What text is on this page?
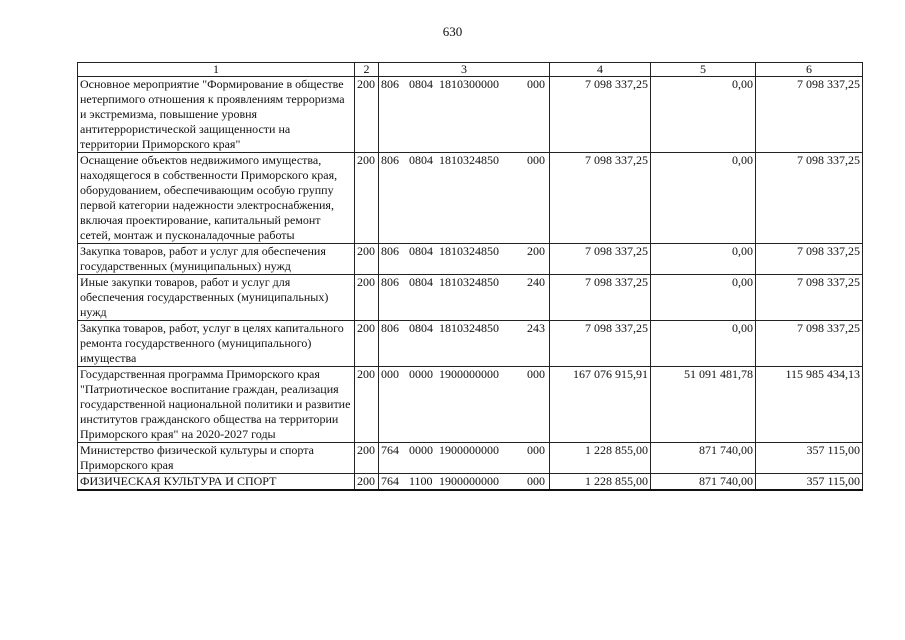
630
1	2	3	4	5	6
Основное мероприятие "Формирование в обществе нетерпимого отношения к проявлениям терроризма и экстремизма, повышение уровня антитеррористической защищенности на территории Приморского края"	200	806 0804 1810300000 000	7 098 337,25	0,00	7 098 337,25
Оснащение объектов недвижимого имущества, находящегося в собственности Приморского края, оборудованием, обеспечивающим особую группу первой категории надежности электроснабжения, включая проектирование, капитальный ремонт сетей, монтаж и пусконаладочные работы	200	806 0804 1810324850 000	7 098 337,25	0,00	7 098 337,25
Закупка товаров, работ и услуг для обеспечения государственных (муниципальных) нужд	200	806 0804 1810324850 200	7 098 337,25	0,00	7 098 337,25
Иные закупки товаров, работ и услуг для обеспечения государственных (муниципальных) нужд	200	806 0804 1810324850 240	7 098 337,25	0,00	7 098 337,25
Закупка товаров, работ, услуг в целях капитального ремонта государственного (муниципального) имущества	200	806 0804 1810324850 243	7 098 337,25	0,00	7 098 337,25
Государственная программа Приморского края "Патриотическое воспитание граждан, реализация государственной национальной политики и развитие институтов гражданского общества на территории Приморского края" на 2020-2027 годы	200	000 0000 1900000000 000	167 076 915,91	51 091 481,78	115 985 434,13
Министерство физической культуры и спорта Приморского края	200	764 0000 1900000000 000	1 228 855,00	871 740,00	357 115,00
ФИЗИЧЕСКАЯ КУЛЬТУРА И СПОРТ	200	764 1100 1900000000 000	1 228 855,00	871 740,00	357 115,00
